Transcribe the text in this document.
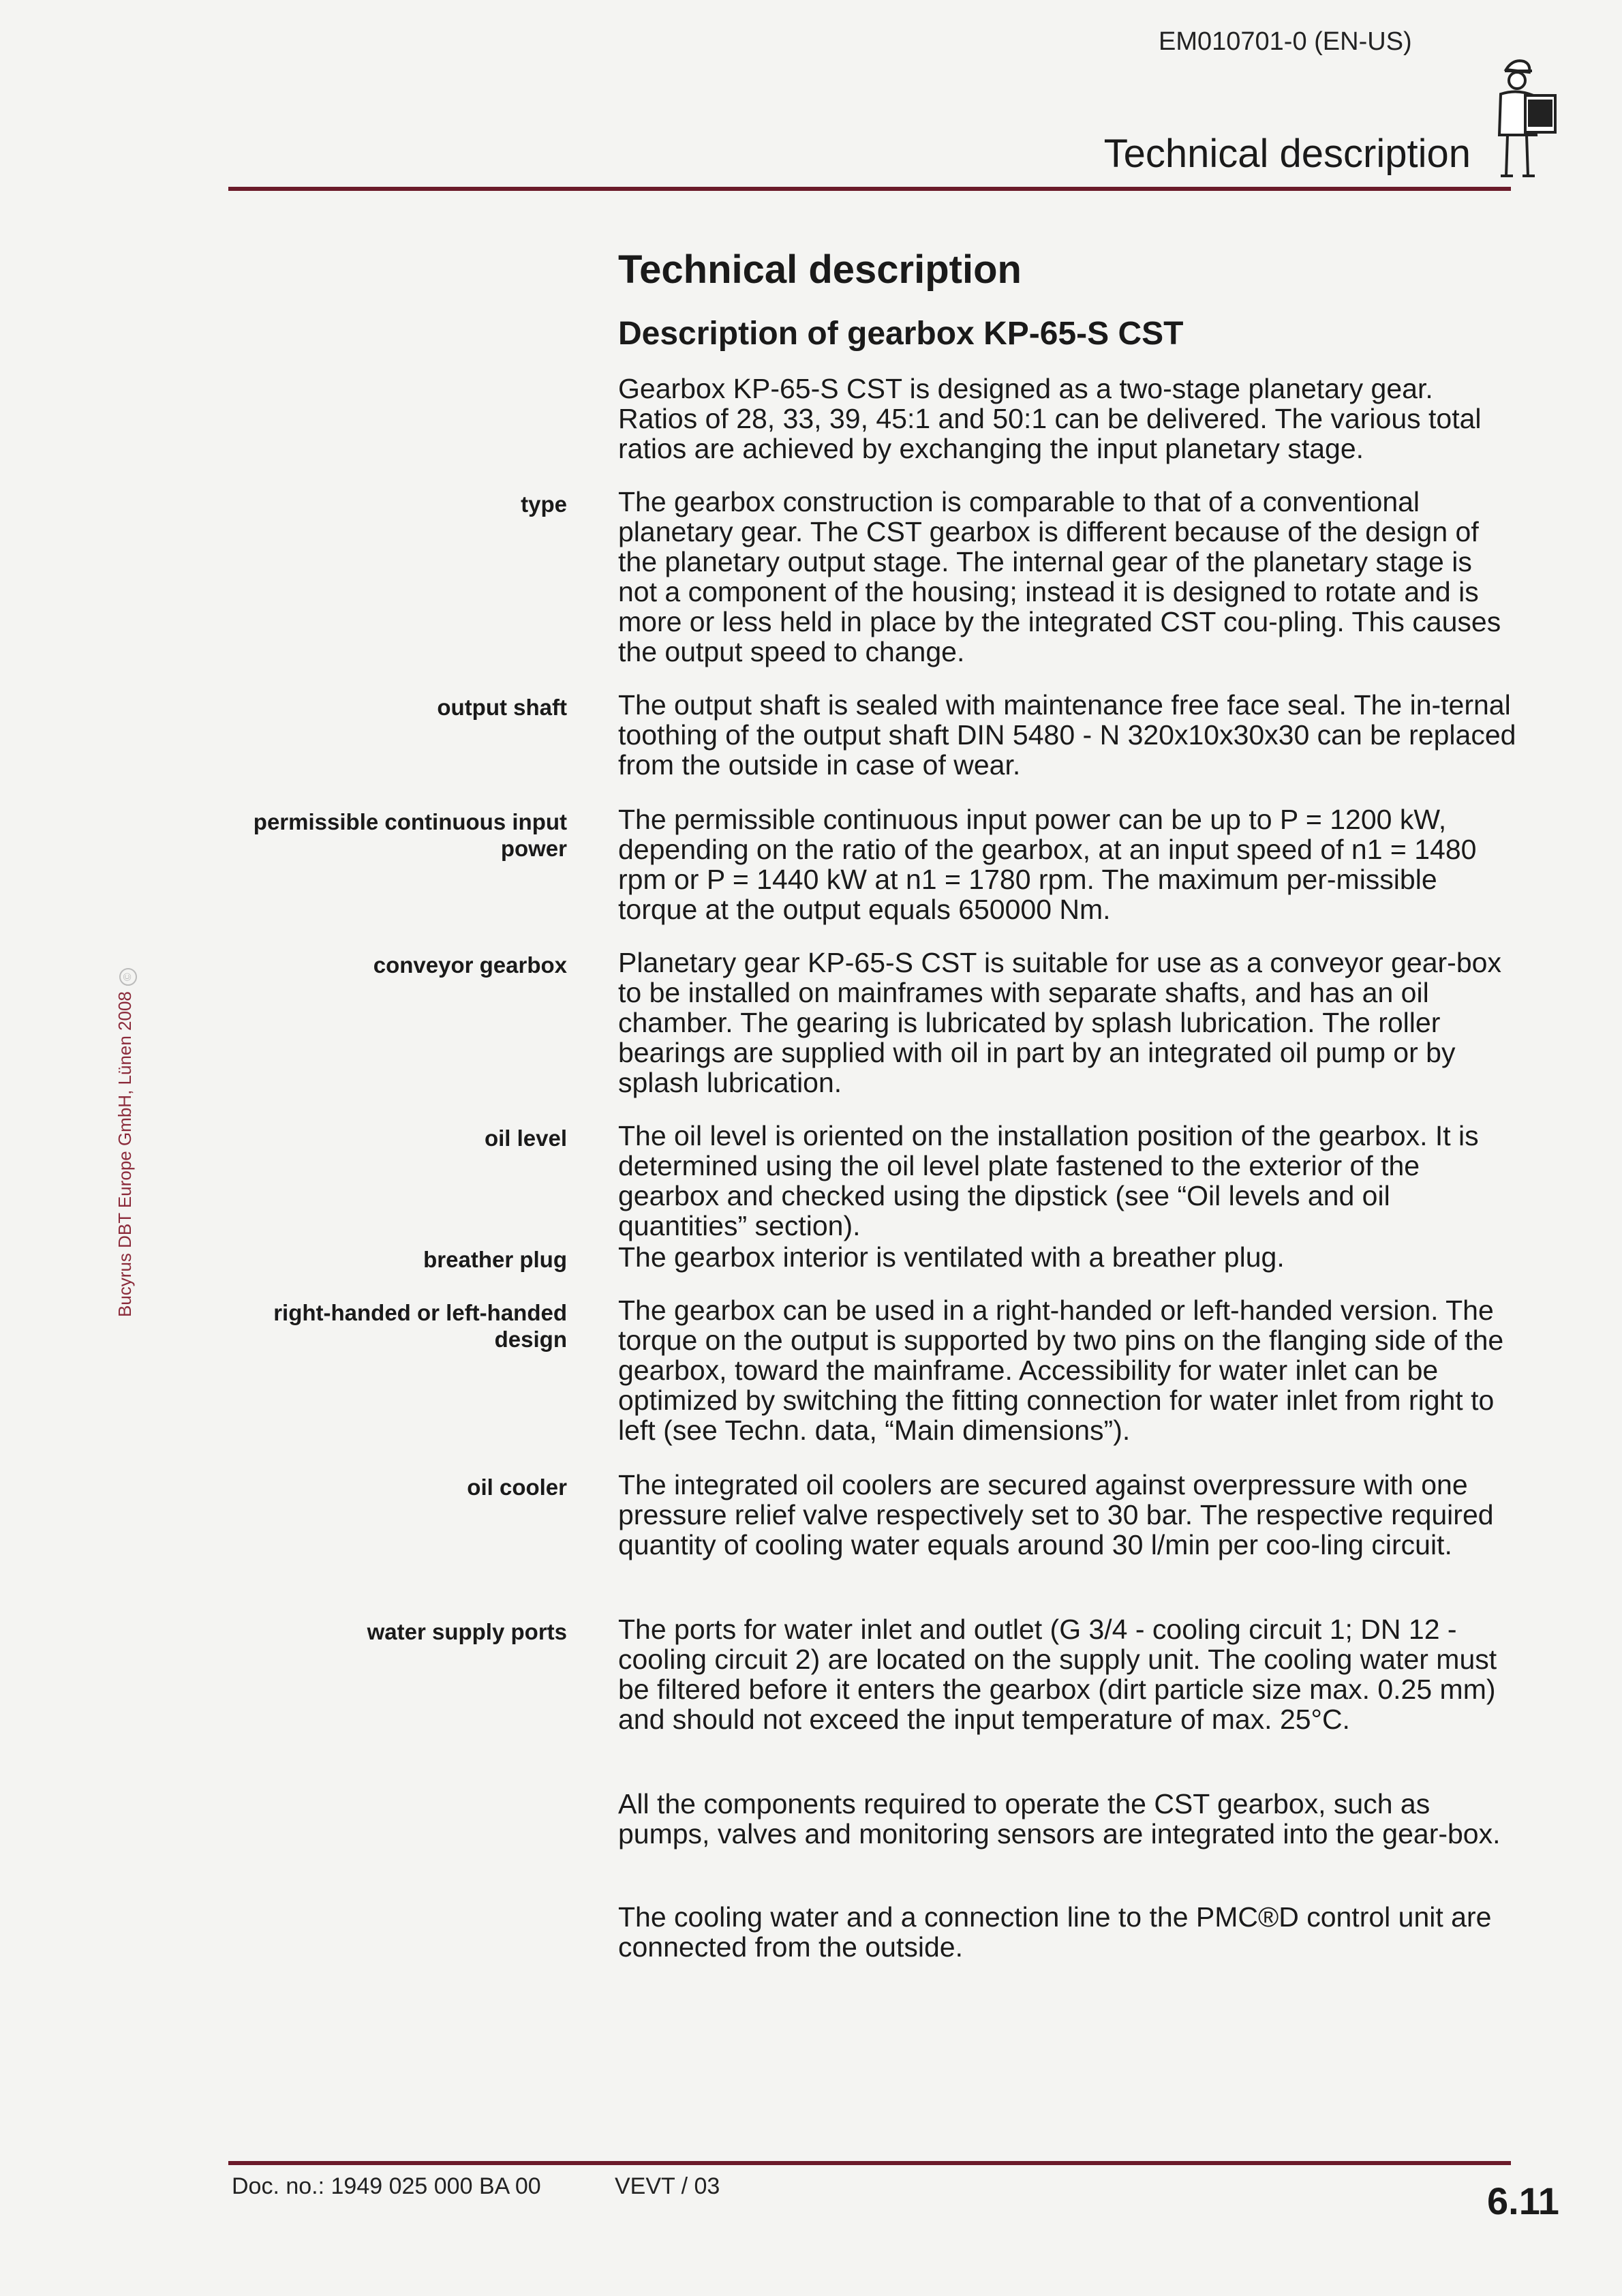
EM010701-0 (EN-US)
Technical description
Bucyrus DBT Europe GmbH, Lünen 2008©
Technical description
Description of gearbox KP-65-S CST
Gearbox KP-65-S CST is designed as a two-stage planetary gear. Ratios of 28, 33, 39, 45:1 and 50:1 can be delivered. The various total ratios are achieved by exchanging the input planetary stage.
type The gearbox construction is comparable to that of a conventional planetary gear. The CST gearbox is different because of the design of the planetary output stage. The internal gear of the planetary stage is not a component of the housing; instead it is designed to rotate and is more or less held in place by the integrated CST cou-pling. This causes the output speed to change.
output shaft The output shaft is sealed with maintenance free face seal. The in-ternal toothing of the output shaft DIN 5480 - N 320x10x30x30 can be replaced from the outside in case of wear.
permissible continuous input
power
The permissible continuous input power can be up to P = 1200 kW, depending on the ratio of the gearbox, at an input speed of n1 = 1480 rpm or P = 1440 kW at n1 = 1780 rpm. The maximum per-missible torque at the output equals 650000 Nm.
conveyor gearbox Planetary gear KP-65-S CST is suitable for use as a conveyor gear-box to be installed on mainframes with separate shafts, and has an oil chamber. The gearing is lubricated by splash lubrication. The roller bearings are supplied with oil in part by an integrated oil pump or by splash lubrication.
oil level The oil level is oriented on the installation position of the gearbox. It is determined using the oil level plate fastened to the exterior of the gearbox and checked using the dipstick (see “Oil levels and oil quantities” section).
breather plug The gearbox interior is ventilated with a breather plug.
right-handed or left-handed
design
The gearbox can be used in a right-handed or left-handed version. The torque on the output is supported by two pins on the flanging side of the gearbox, toward the mainframe. Accessibility for water inlet can be optimized by switching the fitting connection for water inlet from right to left (see Techn. data, “Main dimensions”).
oil cooler The integrated oil coolers are secured against overpressure with one pressure relief valve respectively set to 30 bar. The respective required quantity of cooling water equals around 30 l/min per coo-ling circuit.
water supply ports The ports for water inlet and outlet (G 3/4 - cooling circuit 1; DN 12 - cooling circuit 2) are located on the supply unit. The cooling water must be filtered before it enters the gearbox (dirt particle size max. 0.25 mm) and should not exceed the input temperature of max. 25°C.
All the components required to operate the CST gearbox, such as pumps, valves and monitoring sensors are integrated into the gear-box.
The cooling water and a connection line to the PMC®D control unit are connected from the outside.
Doc. no.: 1949 025 000 BA 00	VEVT / 03	6.11
